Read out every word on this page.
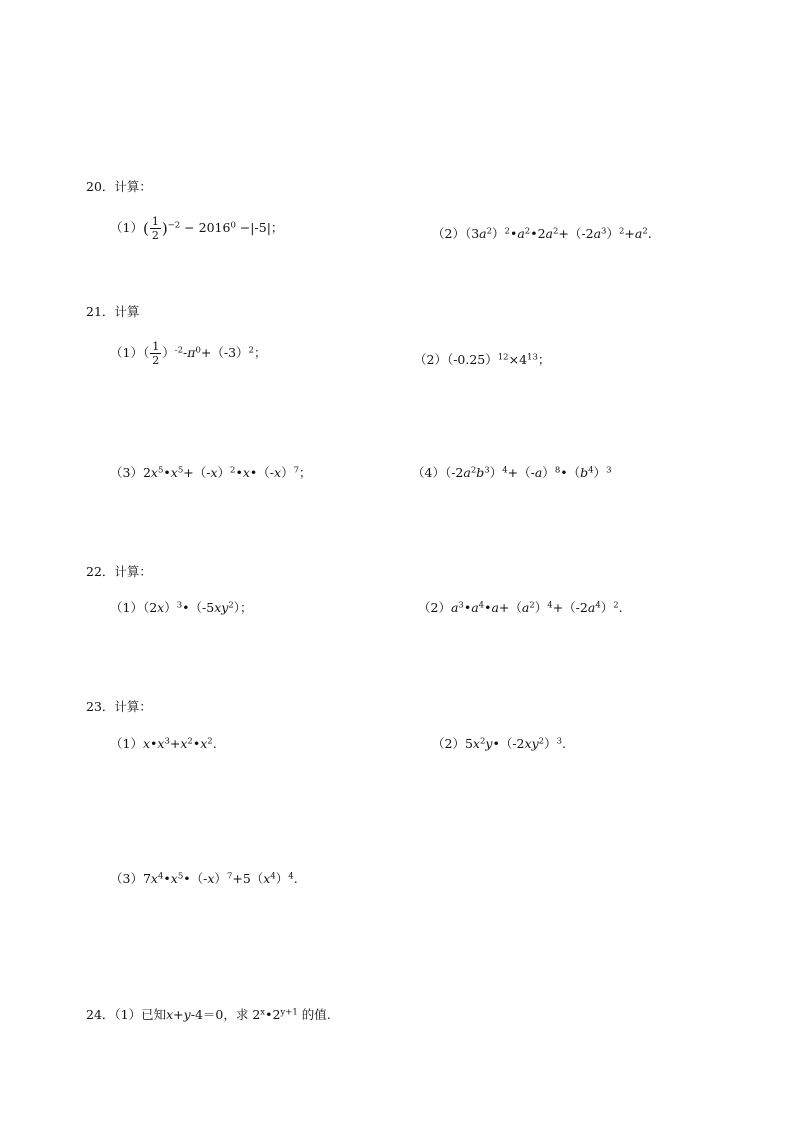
20．计算：
$(1)( \frac{1}{2} )^{-2} - 2016^0 -|-5|$；	$(2)(3a^2)^2•a^2•2a^2+(-2a^3)^2+a^2$.
21．计算
$(1)( \frac{1}{2} )^{-2}-\pi^0+(-3)^2$；	$(2)(-0.25)^{12}\times 4^{13}$；
$(3)2x^5•x^5+(-x)^2•x•(-x)^7$；	$(4)(-2a^2b^3)^4+(-a)^8•(b^4)^3$
22．计算：
$(1)(2x)^3•(-5xy^2)$；	$(2)a^3•a^4•a+(a^2)^4+(-2a^4)^2$.
23．计算：
$(1)x•x^3+x^2•x^2$.	$(2)5x^2y•(-2xy^2)^3$.
$(3)7x^4•x^5•(-x)^7+5(x^4)^4$.
24．（1）已知x+y-4＝0，求 $2^x•2^{y+1}$ 的值.
